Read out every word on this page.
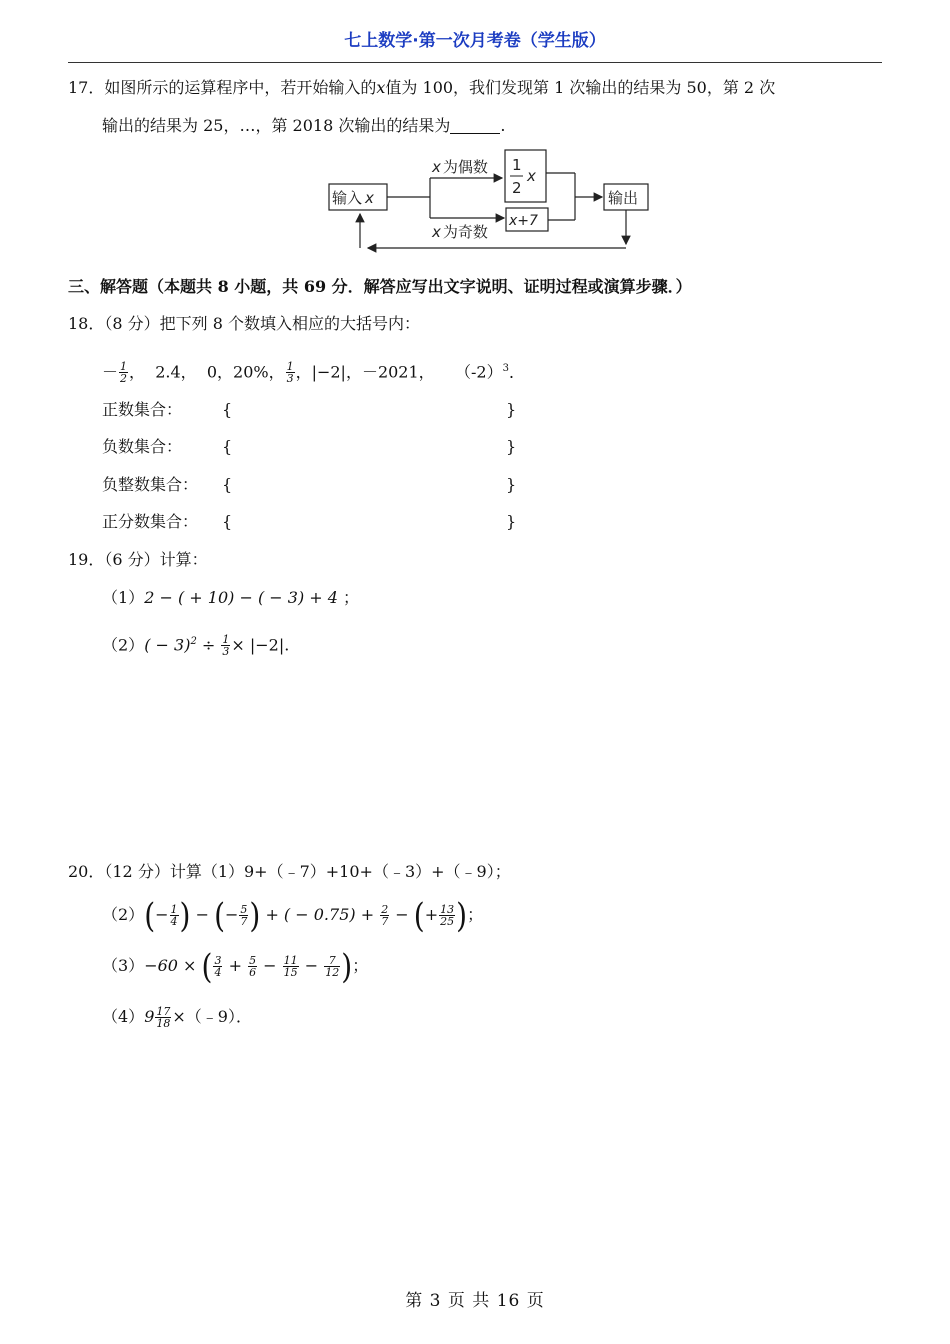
七上数学·第一次月考卷（学生版）
17．如图所示的运算程序中，若开始输入的x值为 100，我们发现第 1 次输出的结果为 50，第 2 次
输出的结果为 25，…，第 2018 次输出的结果为	.
输入 x
x 为偶数
x 为奇数
1
2
x
x+7
输出
三、解答题（本题共 8 小题，共 69 分．解答应写出文字说明、证明过程或演算步骤．）
18．（8 分）把下列 8 个数填入相应的大括号内：
－ $\frac{1}{2}$ ， 2.4， 0，20%， $\frac{1}{3}$ ，|−2|，－2021， $(-2)^3$．
正数集合： {	}
负数集合： {	}
负整数集合： {	}
正分数集合： {	}
19．（6 分）计算：
（1）2 − ( + 10) − ( − 3) + 4 ；
$(2)( - 3)^2 \div \frac{1}{3} \times |-2|$.
20．（12 分）计算（1）9+（﹣7）+10+（﹣3）+（﹣9）；
$(2)(- \frac{1}{4}$ ) − (− $\frac{5}{7}$ ) + ( − $0.75) + \frac{2}{7}$ − (+ $\frac{13}{25}$ )；
（3）−60 × ( $\frac{3}{4} + \frac{5}{6} - \frac{11}{15} - \frac{7}{12}$ )；
$(4)9 \frac{17}{18}$ ×（﹣9）．
第 3 页 共 16 页
